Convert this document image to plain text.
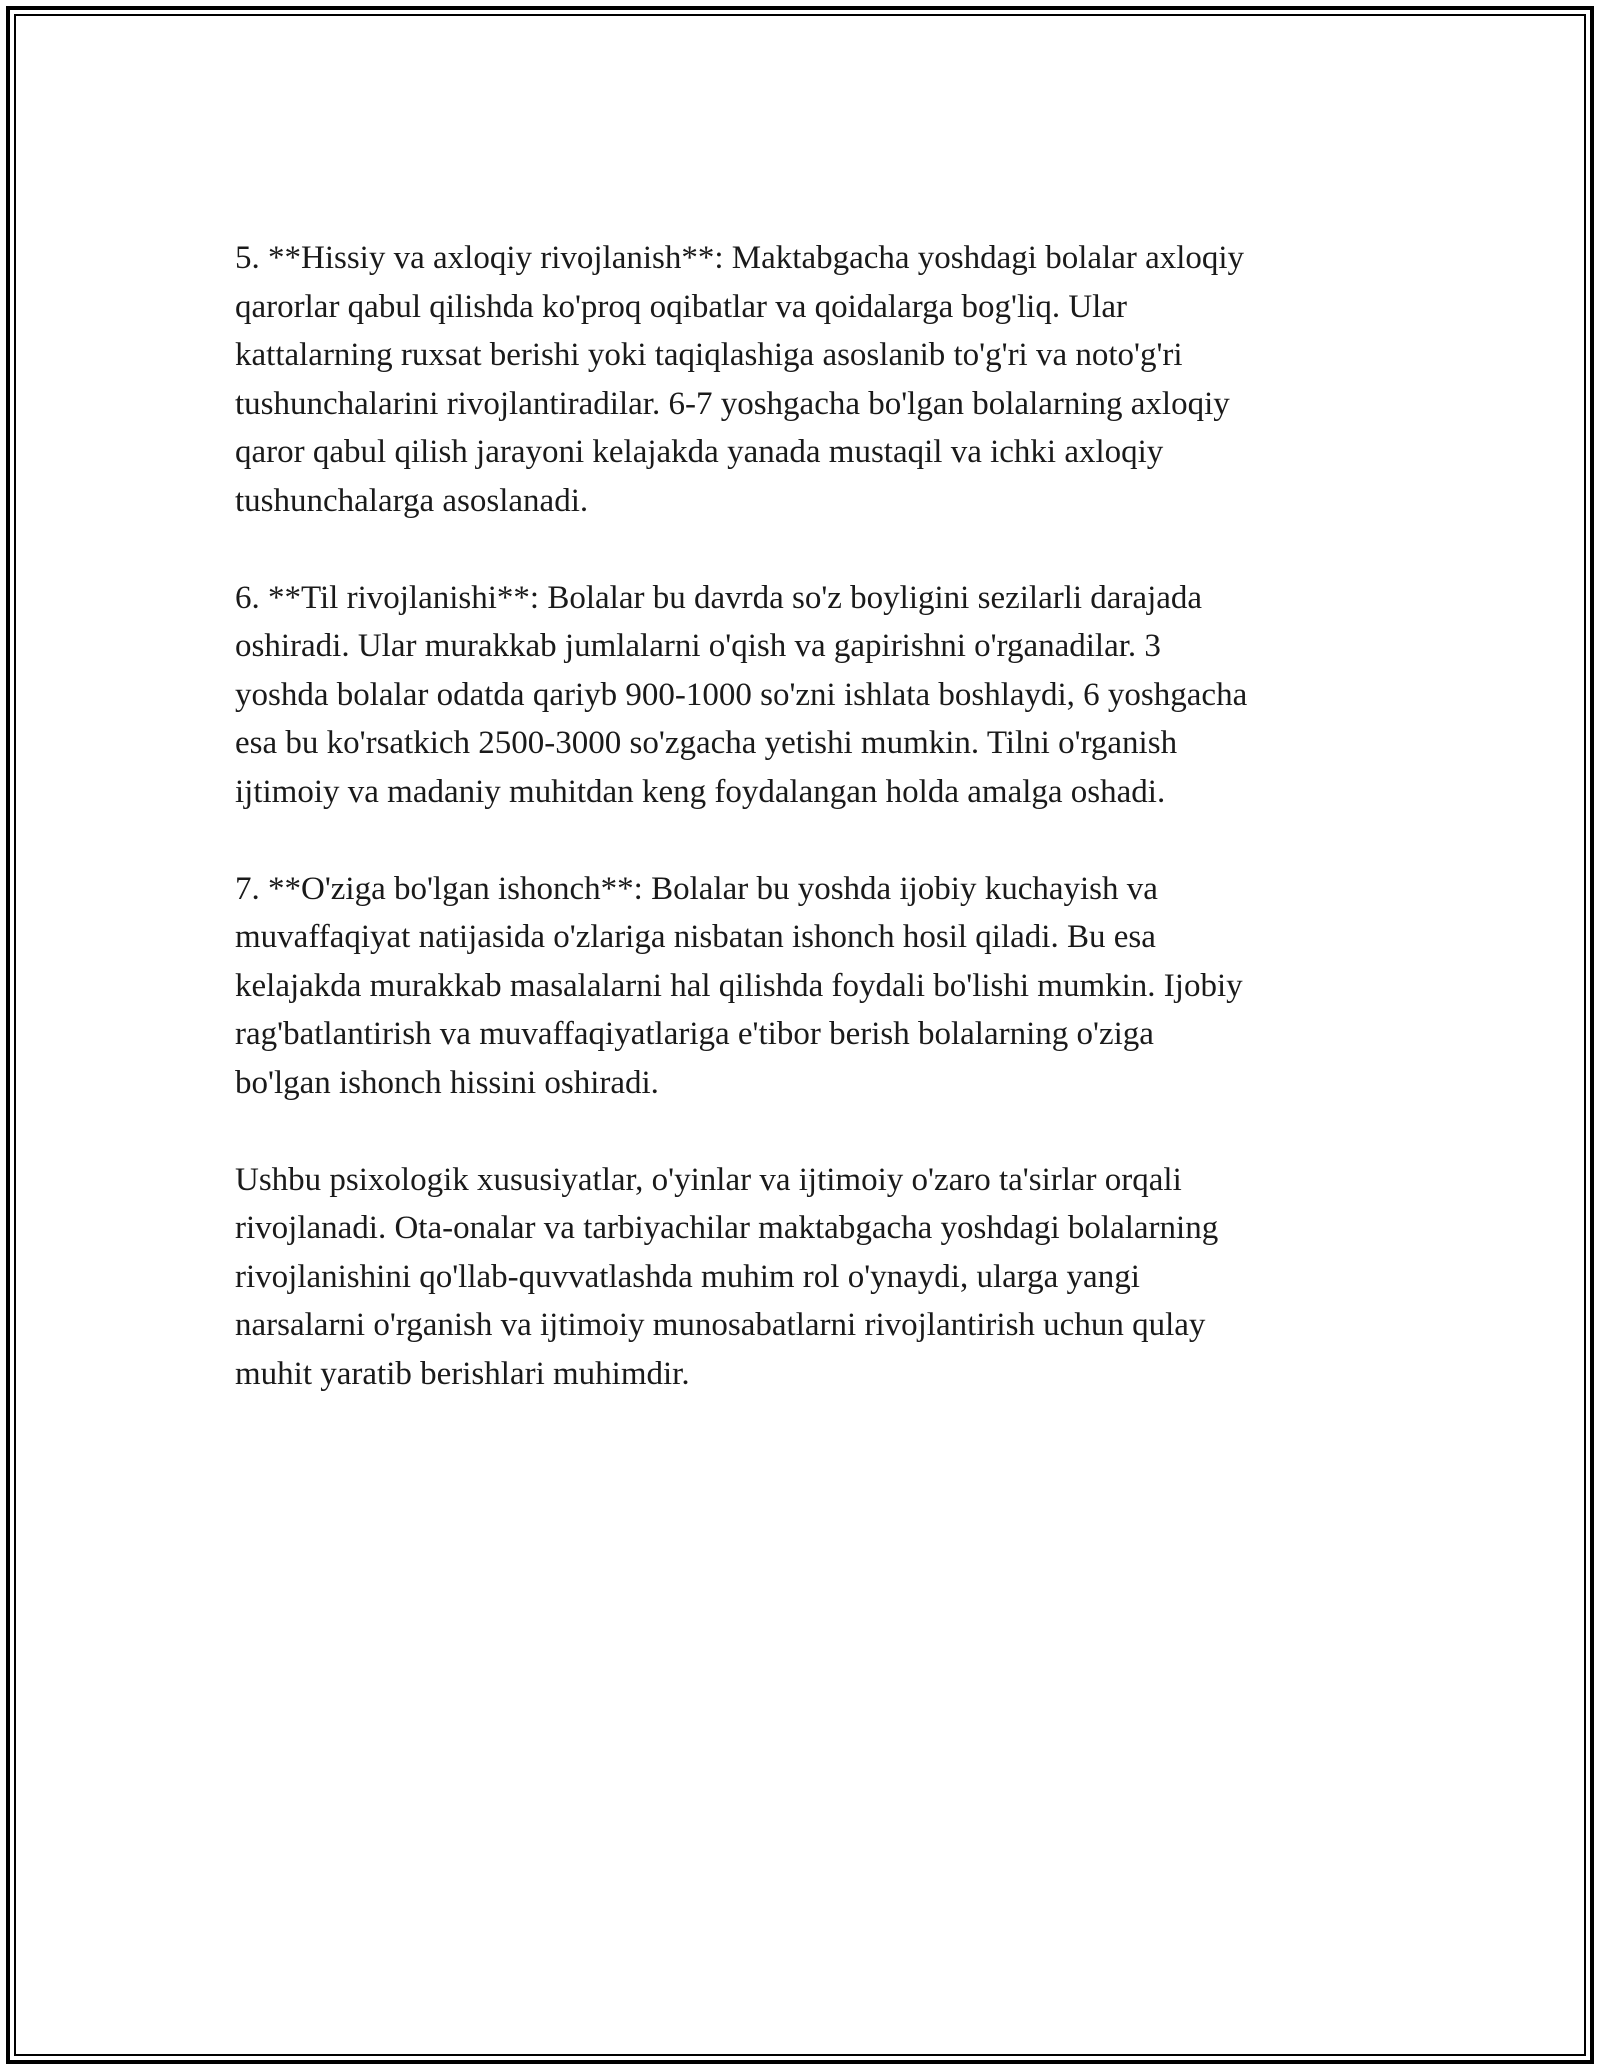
5. **Hissiy va axloqiy rivojlanish**: Maktabgacha yoshdagi bolalar axloqiy
qarorlar qabul qilishda ko'proq oqibatlar va qoidalarga bog'liq. Ular
kattalarning ruxsat berishi yoki taqiqlashiga asoslanib to'g'ri va noto'g'ri
tushunchalarini rivojlantiradilar. 6-7 yoshgacha bo'lgan bolalarning axloqiy
qaror qabul qilish jarayoni kelajakda yanada mustaqil va ichki axloqiy
tushunchalarga asoslanadi.

6. **Til rivojlanishi**: Bolalar bu davrda so'z boyligini sezilarli darajada
oshiradi. Ular murakkab jumlalarni o'qish va gapirishni o'rganadilar. 3
yoshda bolalar odatda qariyb 900-1000 so'zni ishlata boshlaydi, 6 yoshgacha
esa bu ko'rsatkich 2500-3000 so'zgacha yetishi mumkin. Tilni o'rganish
ijtimoiy va madaniy muhitdan keng foydalangan holda amalga oshadi.

7. **O'ziga bo'lgan ishonch**: Bolalar bu yoshda ijobiy kuchayish va
muvaffaqiyat natijasida o'zlariga nisbatan ishonch hosil qiladi. Bu esa
kelajakda murakkab masalalarni hal qilishda foydali bo'lishi mumkin. Ijobiy
rag'batlantirish va muvaffaqiyatlariga e'tibor berish bolalarning o'ziga
bo'lgan ishonch hissini oshiradi.

Ushbu psixologik xususiyatlar, o'yinlar va ijtimoiy o'zaro ta'sirlar orqali
rivojlanadi. Ota-onalar va tarbiyachilar maktabgacha yoshdagi bolalarning
rivojlanishini qo'llab-quvvatlashda muhim rol o'ynaydi, ularga yangi
narsalarni o'rganish va ijtimoiy munosabatlarni rivojlantirish uchun qulay
muhit yaratib berishlari muhimdir.
